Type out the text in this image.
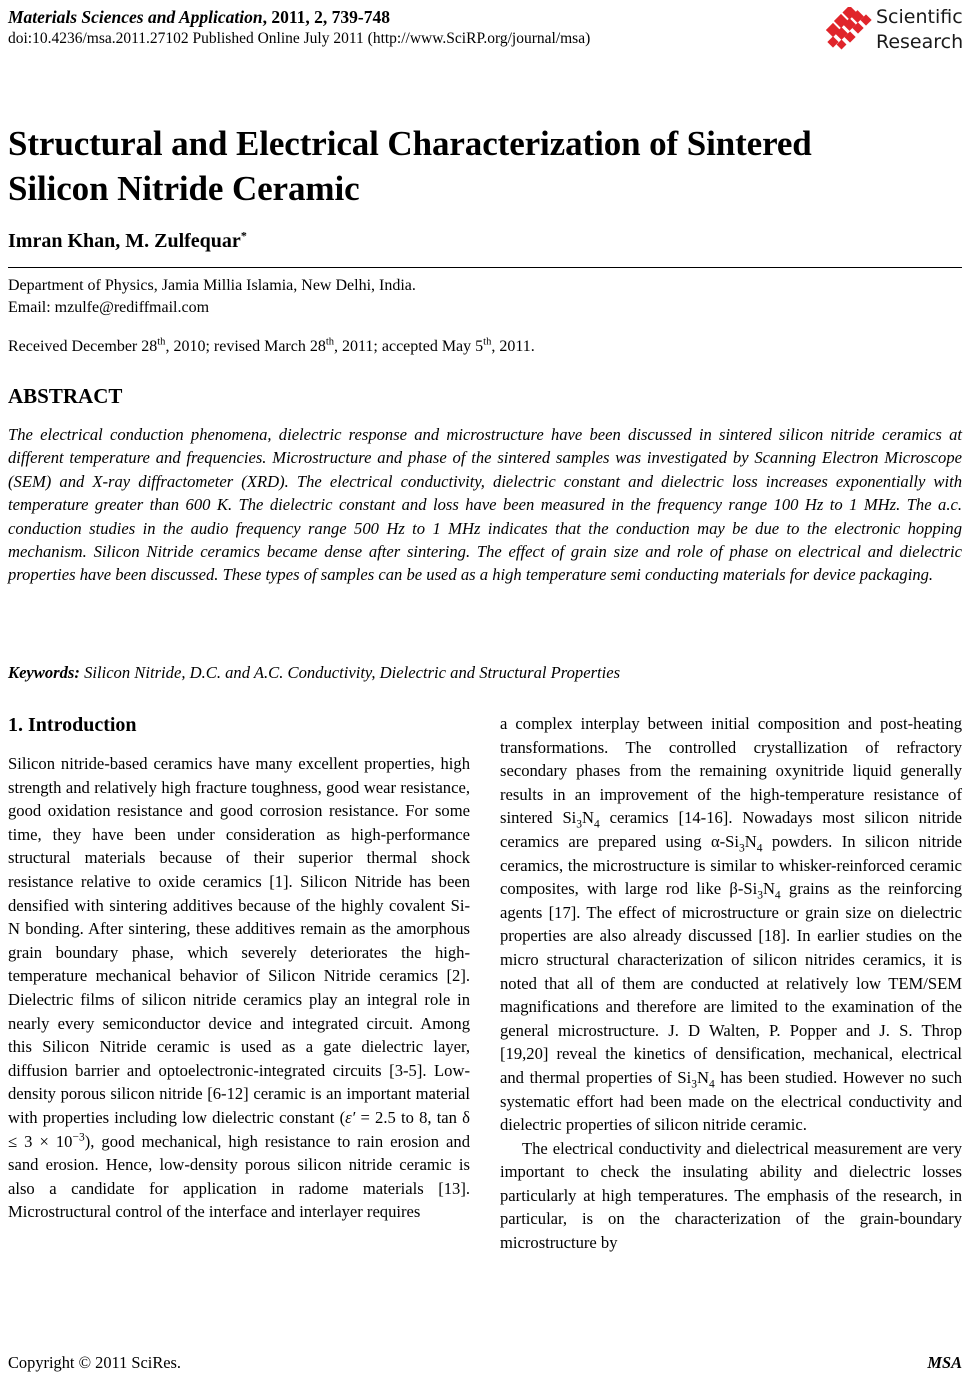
Materials Sciences and Application, 2011, 2, 739-748
doi:10.4236/msa.2011.27102 Published Online July 2011 (http://www.SciRP.org/journal/msa)
Scientific
Research
Structural and Electrical Characterization of Sintered Silicon Nitride Ceramic
Imran Khan, M. Zulfequar*
Department of Physics, Jamia Millia Islamia, New Delhi, India.
Email: mzulfe@rediffmail.com
Received December 28th, 2010; revised March 28th, 2011; accepted May 5th, 2011.
ABSTRACT
The electrical conduction phenomena, dielectric response and microstructure have been discussed in sintered silicon nitride ceramics at different temperature and frequencies. Microstructure and phase of the sintered samples was investigated by Scanning Electron Microscope (SEM) and X-ray diffractometer (XRD). The electrical conductivity, dielectric constant and dielectric loss increases exponentially with temperature greater than 600 K. The dielectric constant and loss have been measured in the frequency range 100 Hz to 1 MHz. The a.c. conduction studies in the audio frequency range 500 Hz to 1 MHz indicates that the conduction may be due to the electronic hopping mechanism. Silicon Nitride ceramics became dense after sintering. The effect of grain size and role of phase on electrical and dielectric properties have been discussed. These types of samples can be used as a high temperature semi conducting materials for device packaging.
Keywords: Silicon Nitride, D.C. and A.C. Conductivity, Dielectric and Structural Properties
1. Introduction

Silicon nitride-based ceramics have many excellent properties, high strength and relatively high fracture toughness, good wear resistance, good oxidation resistance and good corrosion resistance. For some time, they have been under consideration as high-performance structural materials because of their superior thermal shock resistance relative to oxide ceramics [1]. Silicon Nitride has been densified with sintering additives because of the highly covalent Si-N bonding. After sintering, these additives remain as the amorphous grain boundary phase, which severely deteriorates the high-temperature mechanical behavior of Silicon Nitride ceramics [2]. Dielectric films of silicon nitride ceramics play an integral role in nearly every semiconductor device and integrated circuit. Among this Silicon Nitride ceramic is used as a gate dielectric layer, diffusion barrier and optoelectronic-integrated circuits [3-5]. Low-density porous silicon nitride [6-12] ceramic is an important material with properties including low dielectric constant (ε′ = 2.5 to 8, $\tan \delta \le 3 \times 10^{-3}$), good mechanical, high resistance to rain erosion and sand erosion. Hence, low-density porous silicon nitride ceramic is also a candidate for application in radome materials [13]. Microstructural control of the interface and interlayer requires

a complex interplay between initial composition and post-heating transformations. The controlled crystallization of refractory secondary phases from the remaining oxynitride liquid generally results in an improvement of the high-temperature resistance of sintered $Si_3N_4$ ceramics [14-16]. Nowadays most silicon nitride ceramics are prepared using $\alpha-Si_3N_4$ powders. In silicon nitride ceramics, the microstructure is similar to whisker-reinforced ceramic composites, with large rod like $\beta-Si_3N_4$ grains as the reinforcing agents [17]. The effect of microstructure or grain size on dielectric properties are also already discussed [18]. In earlier studies on the micro structural characterization of silicon nitrides ceramics, it is noted that all of them are conducted at relatively low TEM/SEM magnifications and therefore are limited to the examination of the general microstructure. J. D Walten, P. Popper and J. S. Throp [19,20] reveal the kinetics of densification, mechanical, electrical and thermal properties of $Si_3N_4$ has been studied. However no such systematic effort had been made on the electrical conductivity and dielectric properties of silicon nitride ceramic.

The electrical conductivity and dielectrical measurement are very important to check the insulating ability and dielectric losses particularly at high temperatures. The emphasis of the research, in particular, is on the characterization of the grain-boundary microstructure by

Copyright © 2011 SciRes.	MSA
